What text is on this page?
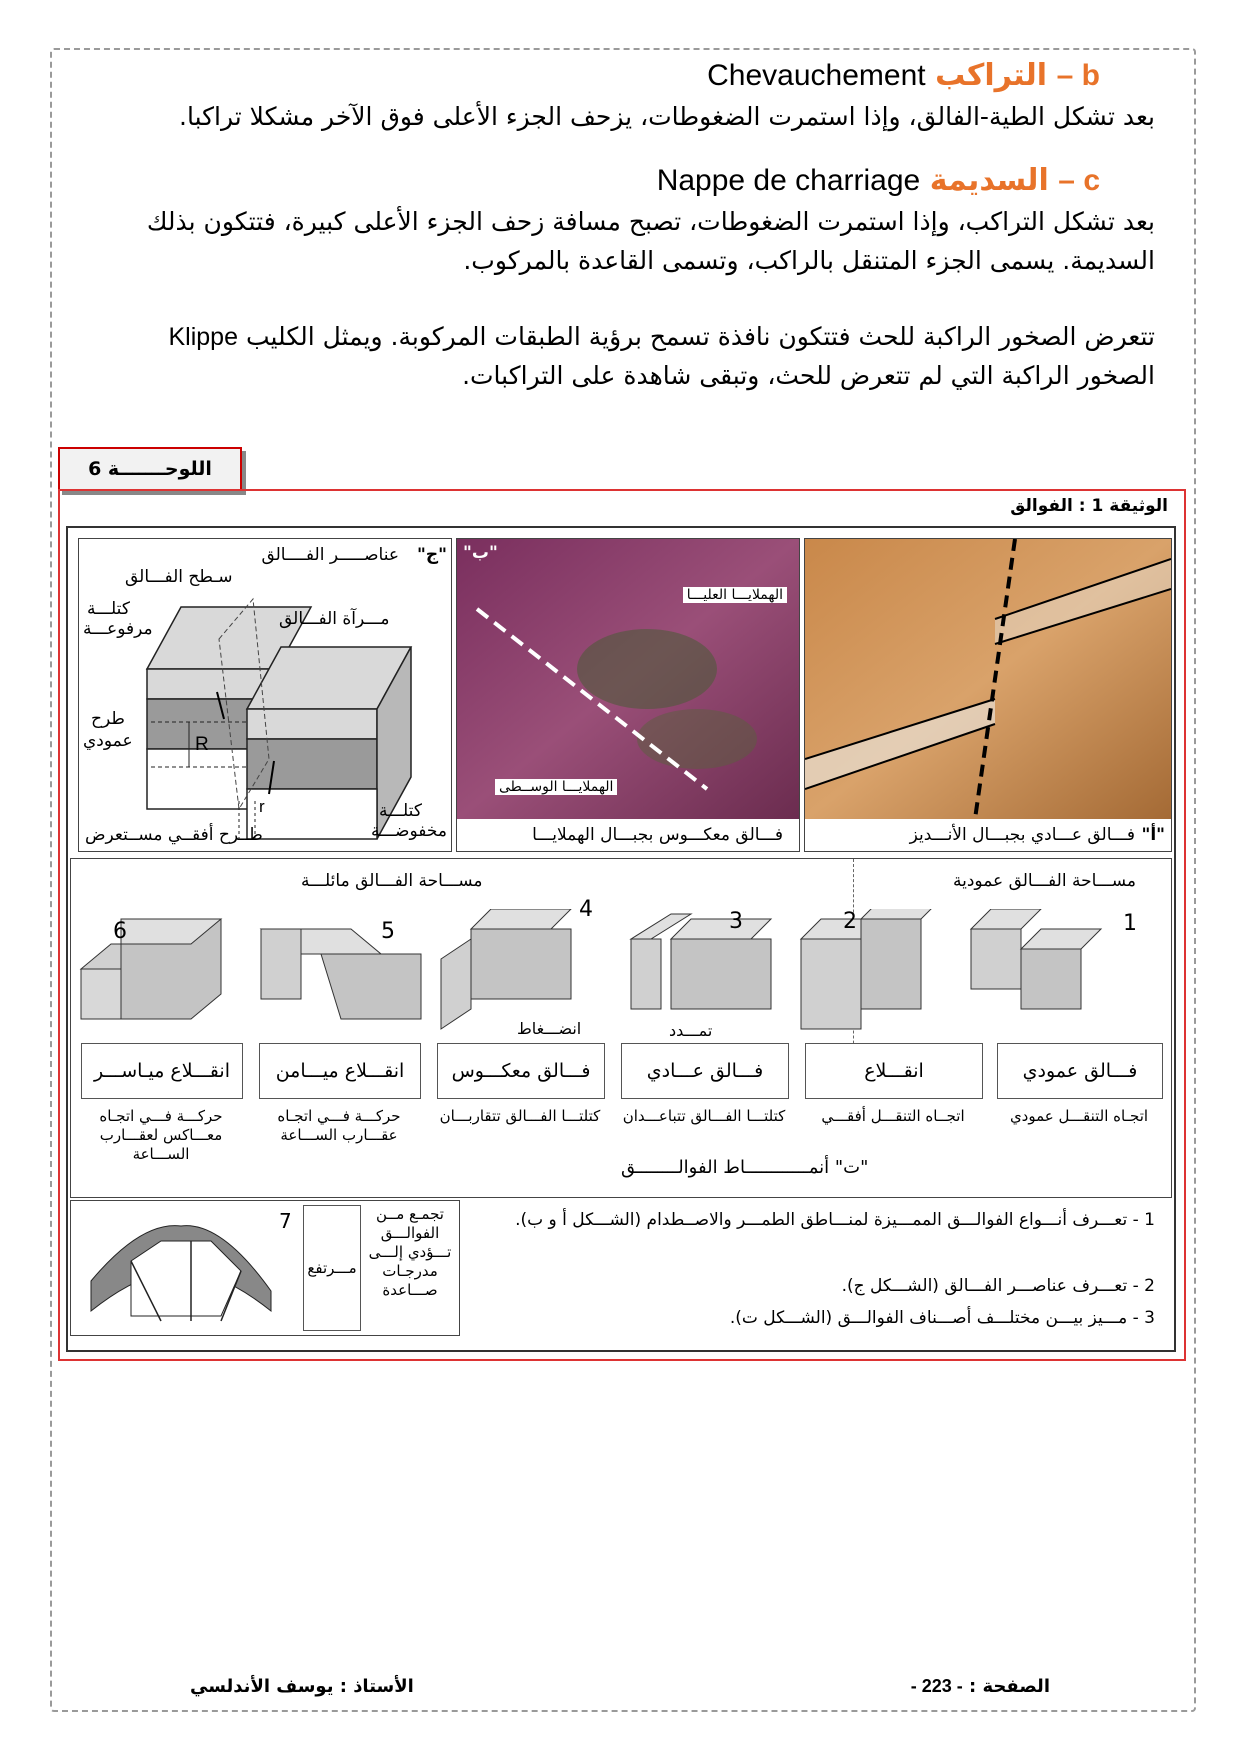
b – التراكب Chevauchement
بعد تشكل الطية-الفالق، وإذا استمرت الضغوطات، يزحف الجزء الأعلى فوق الآخر مشكلا تراكبا.
c – السديمة Nappe de charriage
بعد تشكل التراكب، وإذا استمرت الضغوطات، تصبح مسافة زحف الجزء الأعلى كبيرة، فتتكون بذلك
السديمة. يسمى الجزء المتنقل بالراكب، وتسمى القاعدة بالمركوب.
تتعرض الصخور الراكبة للحث فتتكون نافذة تسمح برؤية الطبقات المركوبة. ويمثل الكليب Klippe
الصخور الراكبة التي لم تتعرض للحث، وتبقى شاهدة على التراكبات.
اللوحـــــــة 6
الوثيقة 1 : الفوالق
عناصـــــر الفــــالق "ج"
سـطح الفـــالق
كتلـــة
مرفوعـــة	مـــرآة الفـــالق
طرح
عمودي	R
r	كتلـــة
مخفوضـــة
طــرح أفقــي مســتعرض
"ب"
الهملايـــا العليـــا
الهملايـــا الوســطى
فـــالق معكـــوس بجبـــال الهملايـــا	فـــالق عـــادي بجبـــال الأنـــديز "أ"
مســـاحة الفـــالق مائلـــة	مســـاحة الفـــالق عمودية
6	5
4	3	2	1
انضـــغاط	تمـــدد
انقـــلاع ميـاســـر	انقـــلاع ميـــامن	فـــالق معكـــوس	فـــالق عـــادي	انقـــلاع	فـــالق عمودي
حركـــة فـــي اتجـاه معـــاكس لعقـــارب الســـاعة
حركـــة فـــي اتجـاه عقـــارب الســـاعة
كتلتـــا الفـــالق تتقاربـــان كتلتـــا الفـــالق تتباعـــدان	اتجــاه التنقـــل أفقـــي	اتجـاه التنقـــل عمودي
"ت" أنمــــــــــــاط الفوالــــــــق
7
مـــرتفع
تجمـع مــن الفوالـــق تـــؤدي إلـــى مدرجـات صـــاعدة
1 - تعـــرف أنـــواع الفوالـــق الممـــيزة لمنـــاطق الطمـــر والاصــطدام (الشـــكل أ و ب).
2 - تعـــرف عناصـــر الفـــالق (الشـــكل ج).
3 - مـــيز بيـــن مختلـــف أصـــناف الفوالـــق (الشـــكل ت).
الصفحة : - 223 -
الأستاذ : يوسف الأندلسي
